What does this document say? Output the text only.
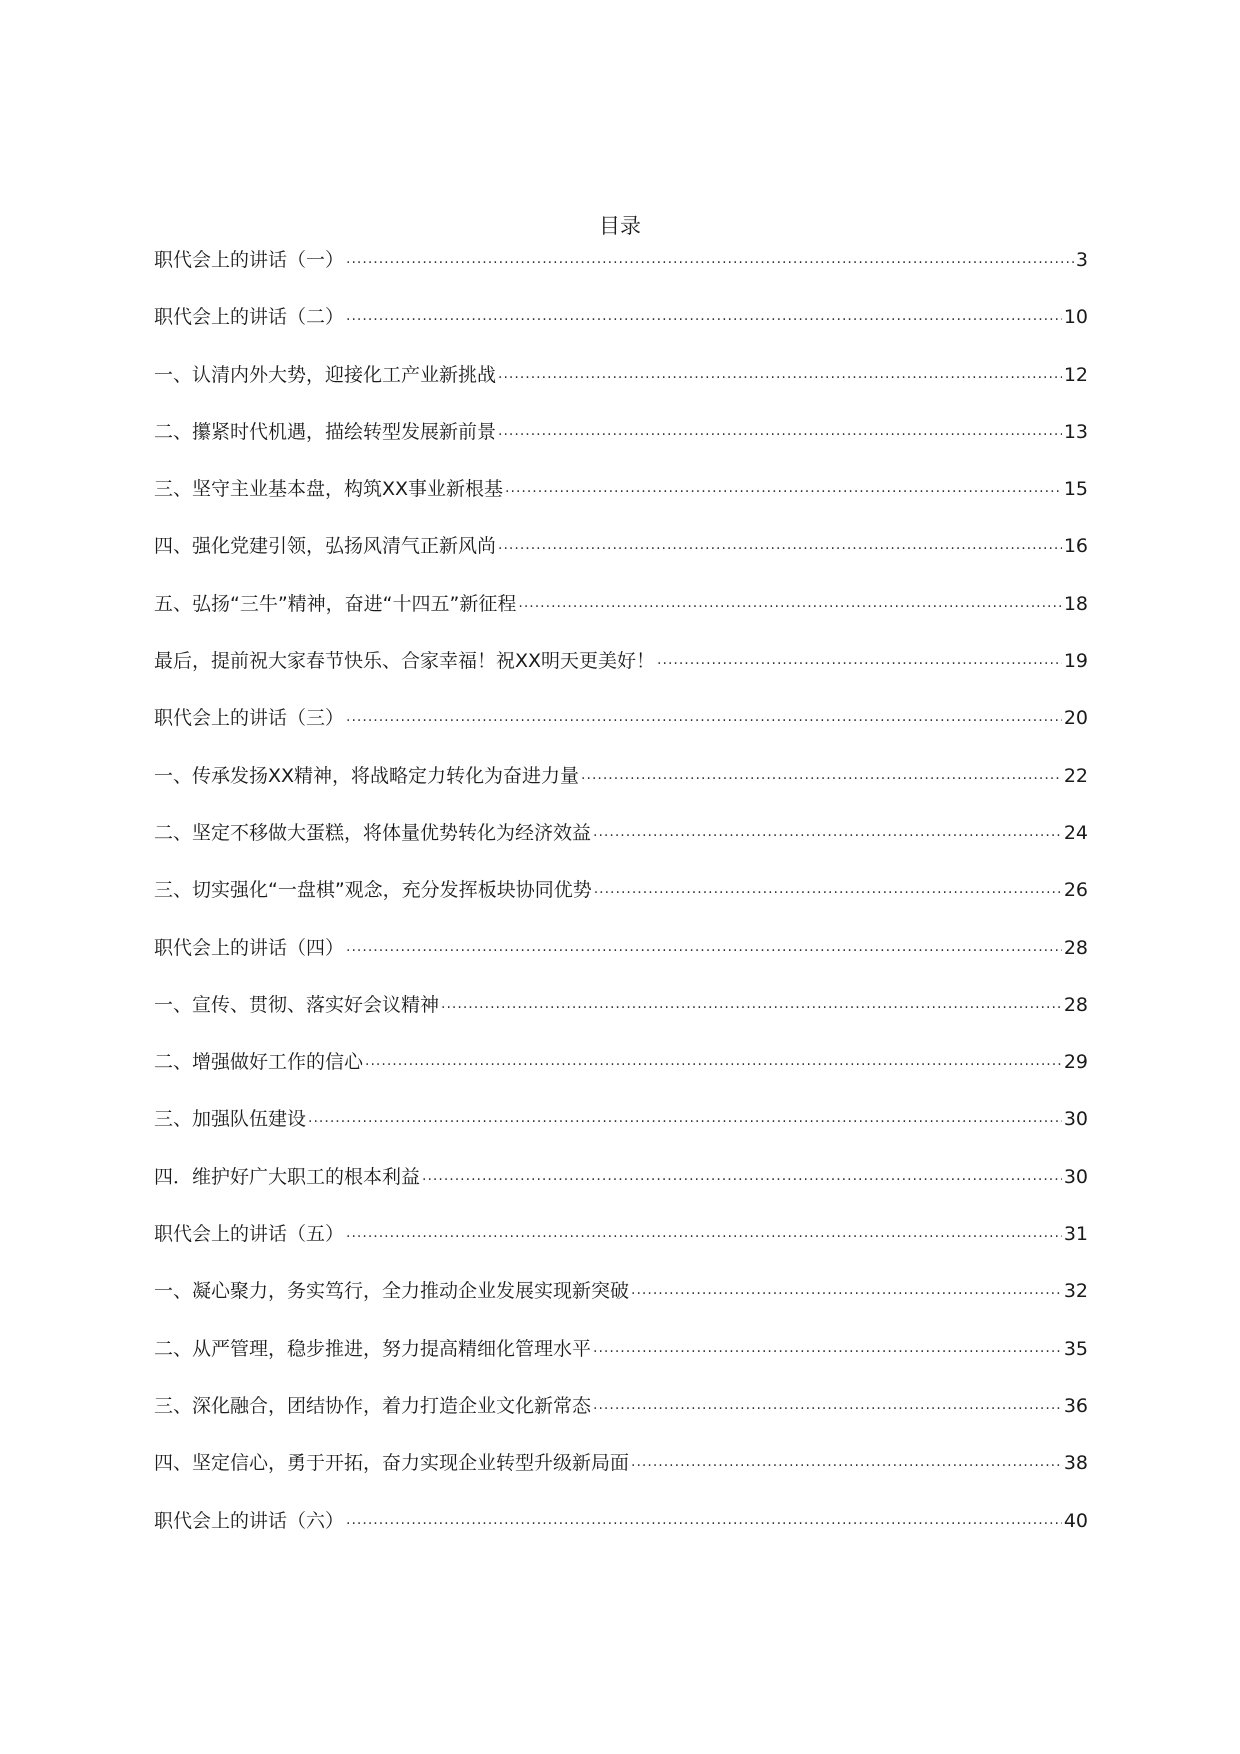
目录
职代会上的讲话（一） .....	3
职代会上的讲话（二） .....	10
一、认清内外大势，迎接化工产业新挑战 .....	12
二、攥紧时代机遇，描绘转型发展新前景 .....	13
三、坚守主业基本盘，构筑XX事业新根基 .....	15
四、强化党建引领，弘扬风清气正新风尚 .....	16
五、弘扬“三牛”精神，奋进“十四五”新征程 .....	18
最后，提前祝大家春节快乐、合家幸福！祝XX明天更美好！ .....	19
职代会上的讲话（三） .....	20
一、传承发扬XX精神，将战略定力转化为奋进力量 .....	22
二、坚定不移做大蛋糕，将体量优势转化为经济效益 .....	24
三、切实强化“一盘棋”观念，充分发挥板块协同优势 .....	26
职代会上的讲话（四） .....	28
一、宣传、贯彻、落实好会议精神 .....	28
二、增强做好工作的信心 .....	29
三、加强队伍建设 .....	30
四．维护好广大职工的根本利益 .....	30
职代会上的讲话（五） .....	31
一、凝心聚力，务实笃行，全力推动企业发展实现新突破 .....	32
二、从严管理，稳步推进，努力提高精细化管理水平 .....	35
三、深化融合，团结协作，着力打造企业文化新常态 .....	36
四、坚定信心，勇于开拓，奋力实现企业转型升级新局面 .....	38
职代会上的讲话（六） .....	40
